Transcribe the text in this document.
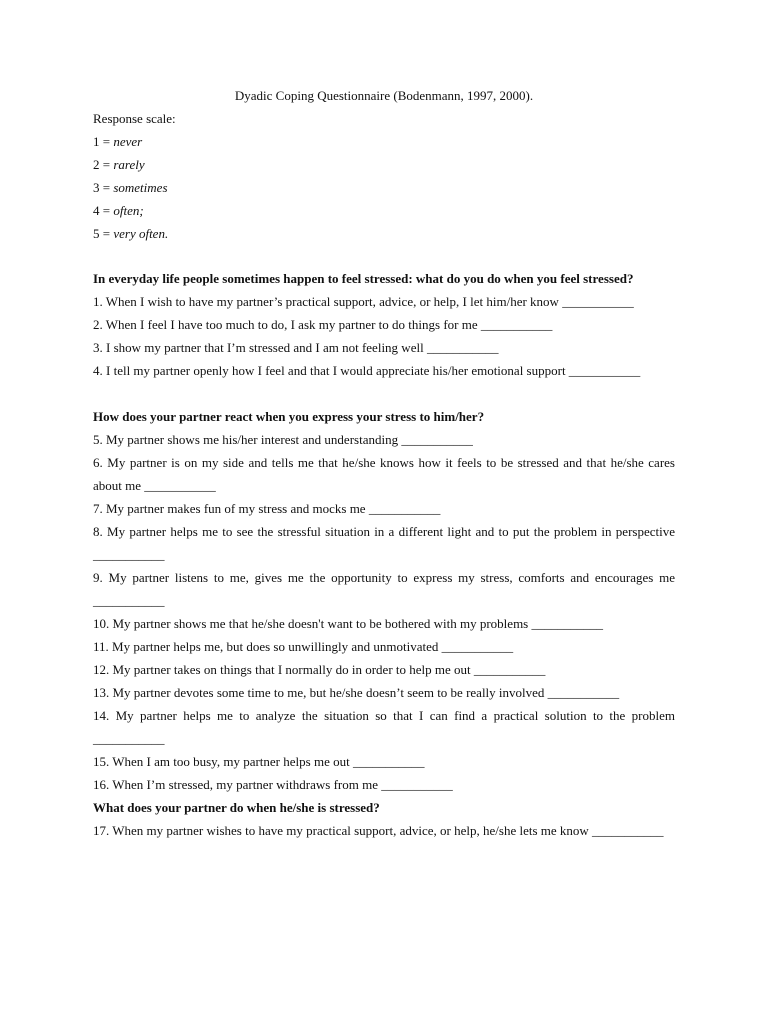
Dyadic Coping Questionnaire (Bodenmann, 1997, 2000).
Response scale:
1 = never
2 = rarely
3 = sometimes
4 = often;
5 = very often.

In everyday life people sometimes happen to feel stressed: what do you do when you feel stressed?

1. When I wish to have my partner’s practical support, advice, or help, I let him/her know ___________

2. When I feel I have too much to do, I ask my partner to do things for me ___________

3. I show my partner that I’m stressed and I am not feeling well ___________

4. I tell my partner openly how I feel and that I would appreciate his/her emotional support ___________

How does your partner react when you express your stress to him/her?

5. My partner shows me his/her interest and understanding ___________

6. My partner is on my side and tells me that he/she knows how it feels to be stressed and that he/she cares about me ___________

7. My partner makes fun of my stress and mocks me ___________

8. My partner helps me to see the stressful situation in a different light and to put the problem in perspective ___________

9. My partner listens to me, gives me the opportunity to express my stress, comforts and encourages me ___________

10. My partner shows me that he/she doesn't want to be bothered with my problems ___________

11. My partner helps me, but does so unwillingly and unmotivated ___________

12. My partner takes on things that I normally do in order to help me out ___________

13. My partner devotes some time to me, but he/she doesn’t seem to be really involved ___________

14. My partner helps me to analyze the situation so that I can find a practical solution to the problem ___________

15. When I am too busy, my partner helps me out ___________

16. When I’m stressed, my partner withdraws from me ___________

What does your partner do when he/she is stressed?

17. When my partner wishes to have my practical support, advice, or help, he/she lets me know ___________
